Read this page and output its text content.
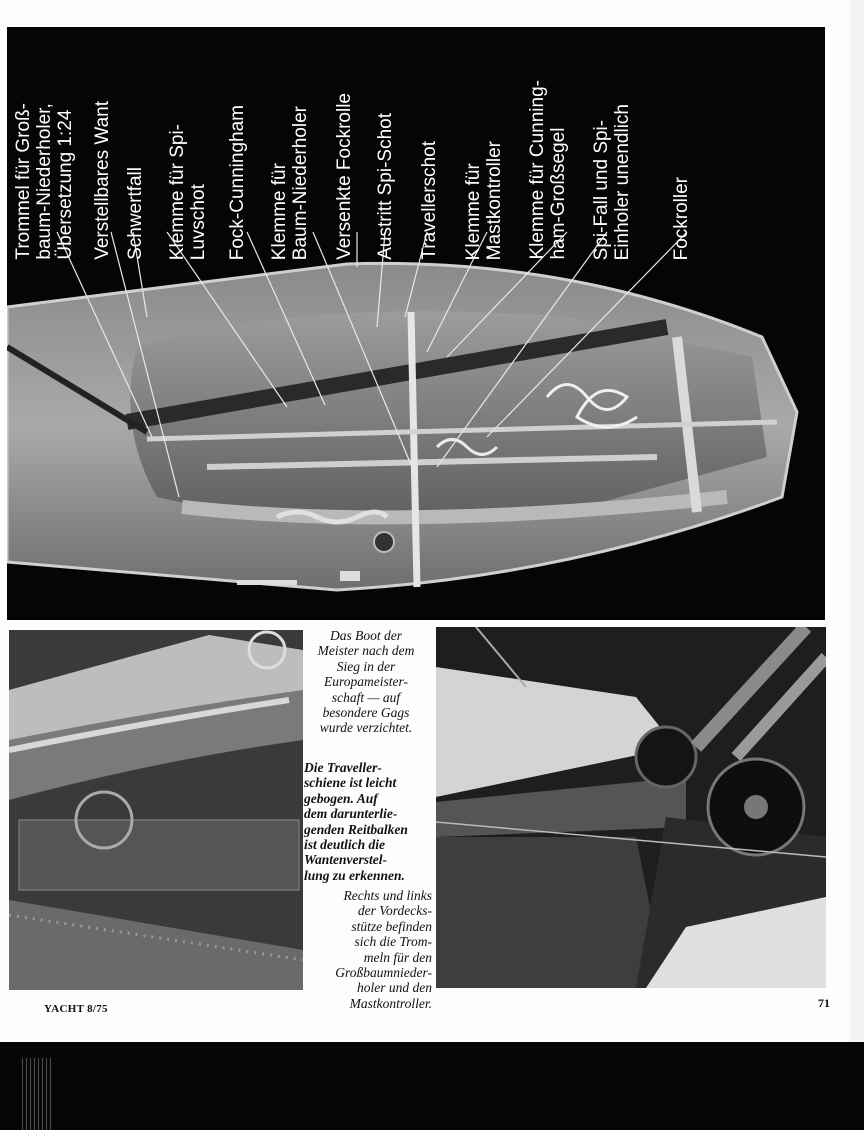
Trommel für Groß-
baum-Niederholer,
Übersetzung 1:24 Verstellbares Want Schwertfall Klemme für Spi-
Luvschot Fock-Cunningham Klemme für
Baum-Niederholer Versenkte Fockrolle Austritt Spi-Schot Travellerschot Klemme für
Mastkontroller Klemme für Cunning-
ham-Großsegel Spi-Fall und Spi-
Einholer unendlich
Fockroller
Das Boot der
Meister nach dem
Sieg in der
Europameister-
schaft — auf
besondere Gags
wurde verzichtet.
Die Traveller-
schiene ist leicht
gebogen. Auf
dem darunterlie-
genden Reitbalken
ist deutlich die
Wantenverstel-
lung zu erkennen.
Rechts und links
der Vordecks-
stütze befinden
sich die Trom-
meln für den
Großbaumnieder-
holer und den
Mastkontroller.
YACHT 8/75	71
